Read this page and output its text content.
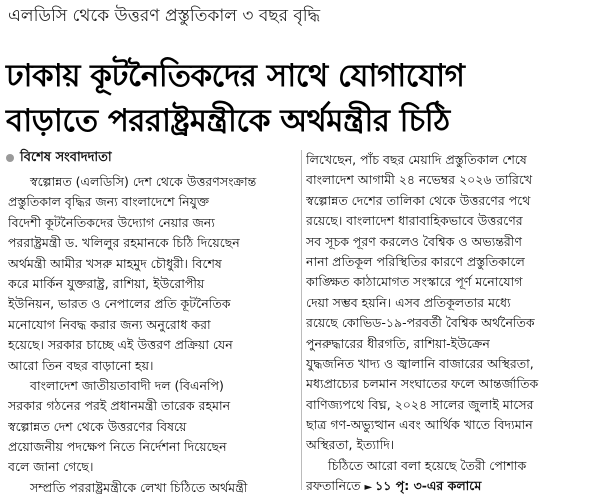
এলডিসি থেকে উত্তরণ প্রস্তুতিকাল ৩ বছর বৃদ্ধি
ঢাকায় কূটনৈতিকদের সাথে যোগাযোগ
বাড়াতে পররাষ্ট্রমন্ত্রীকে অর্থমন্ত্রীর চিঠি
বিশেষ সংবাদদাতা
স্বল্পোন্নত (এলডিসি) দেশ থেকে উত্তরণসংক্রান্ত
প্রস্তুতিকাল বৃদ্ধির জন্য বাংলাদেশে নিযুক্ত
বিদেশী কূটনৈতিকদের উদ্যোগ নেয়ার জন্য
পররাষ্ট্রমন্ত্রী ড. খলিলুর রহমানকে চিঠি দিয়েছেন
অর্থমন্ত্রী আমীর খসরু মাহমুদ চৌধুরী। বিশেষ
করে মার্কিন যুক্তরাষ্ট্র, রাশিয়া, ইউরোপীয়
ইউনিয়ন, ভারত ও নেপালের প্রতি কূটনৈতিক
মনোযোগ নিবদ্ধ করার জন্য অনুরোধ করা
হয়েছে। সরকার চাচ্ছে এই উত্তরণ প্রক্রিয়া যেন
আরো তিন বছর বাড়ানো হয়।
বাংলাদেশ জাতীয়তাবাদী দল (বিএনপি)
সরকার গঠনের পরই প্রধানমন্ত্রী তারেক রহমান
স্বল্পোন্নত দেশ থেকে উত্তরণের বিষয়ে
প্রয়োজনীয় পদক্ষেপ নিতে নির্দেশনা দিয়েছেন
বলে জানা গেছে।
সম্প্রতি পররাষ্ট্রমন্ত্রীকে লেখা চিঠিতে অর্থমন্ত্রী
লিখেছেন, পাঁচ বছর মেয়াদি প্রস্তুতিকাল শেষে
বাংলাদেশ আগামী ২৪ নভেম্বর ২০২৬ তারিখে
স্বল্পোন্নত দেশের তালিকা থেকে উত্তরণের পথে
রয়েছে। বাংলাদেশ ধারাবাহিকভাবে উত্তরণের
সব সূচক পূরণ করলেও বৈশ্বিক ও অভ্যন্তরীণ
নানা প্রতিকূল পরিস্থিতির কারণে প্রস্তুতিকালে
কাঙ্ক্ষিত কাঠামোগত সংস্কারে পূর্ণ মনোযোগ
দেয়া সম্ভব হয়নি। এসব প্রতিকূলতার মধ্যে
রয়েছে কোভিড-১৯-পরবর্তী বৈশ্বিক অর্থনৈতিক
পুনরুদ্ধারের ধীরগতি, রাশিয়া-ইউক্রেন
যুদ্ধজনিত খাদ্য ও জ্বালানি বাজারের অস্থিরতা,
মধ্যপ্রাচ্যের চলমান সংঘাতের ফলে আন্তর্জাতিক
বাণিজ্যপথে বিঘ্ন, ২০২৪ সালের জুলাই মাসের
ছাত্র গণ-অভ্যুত্থান এবং আর্থিক খাতে বিদ্যমান
অস্থিরতা, ইত্যাদি।
চিঠিতে আরো বলা হয়েছে তৈরী পোশাক
রফতানিতে ► ১১ পৃ: ৩-এর কলামে
